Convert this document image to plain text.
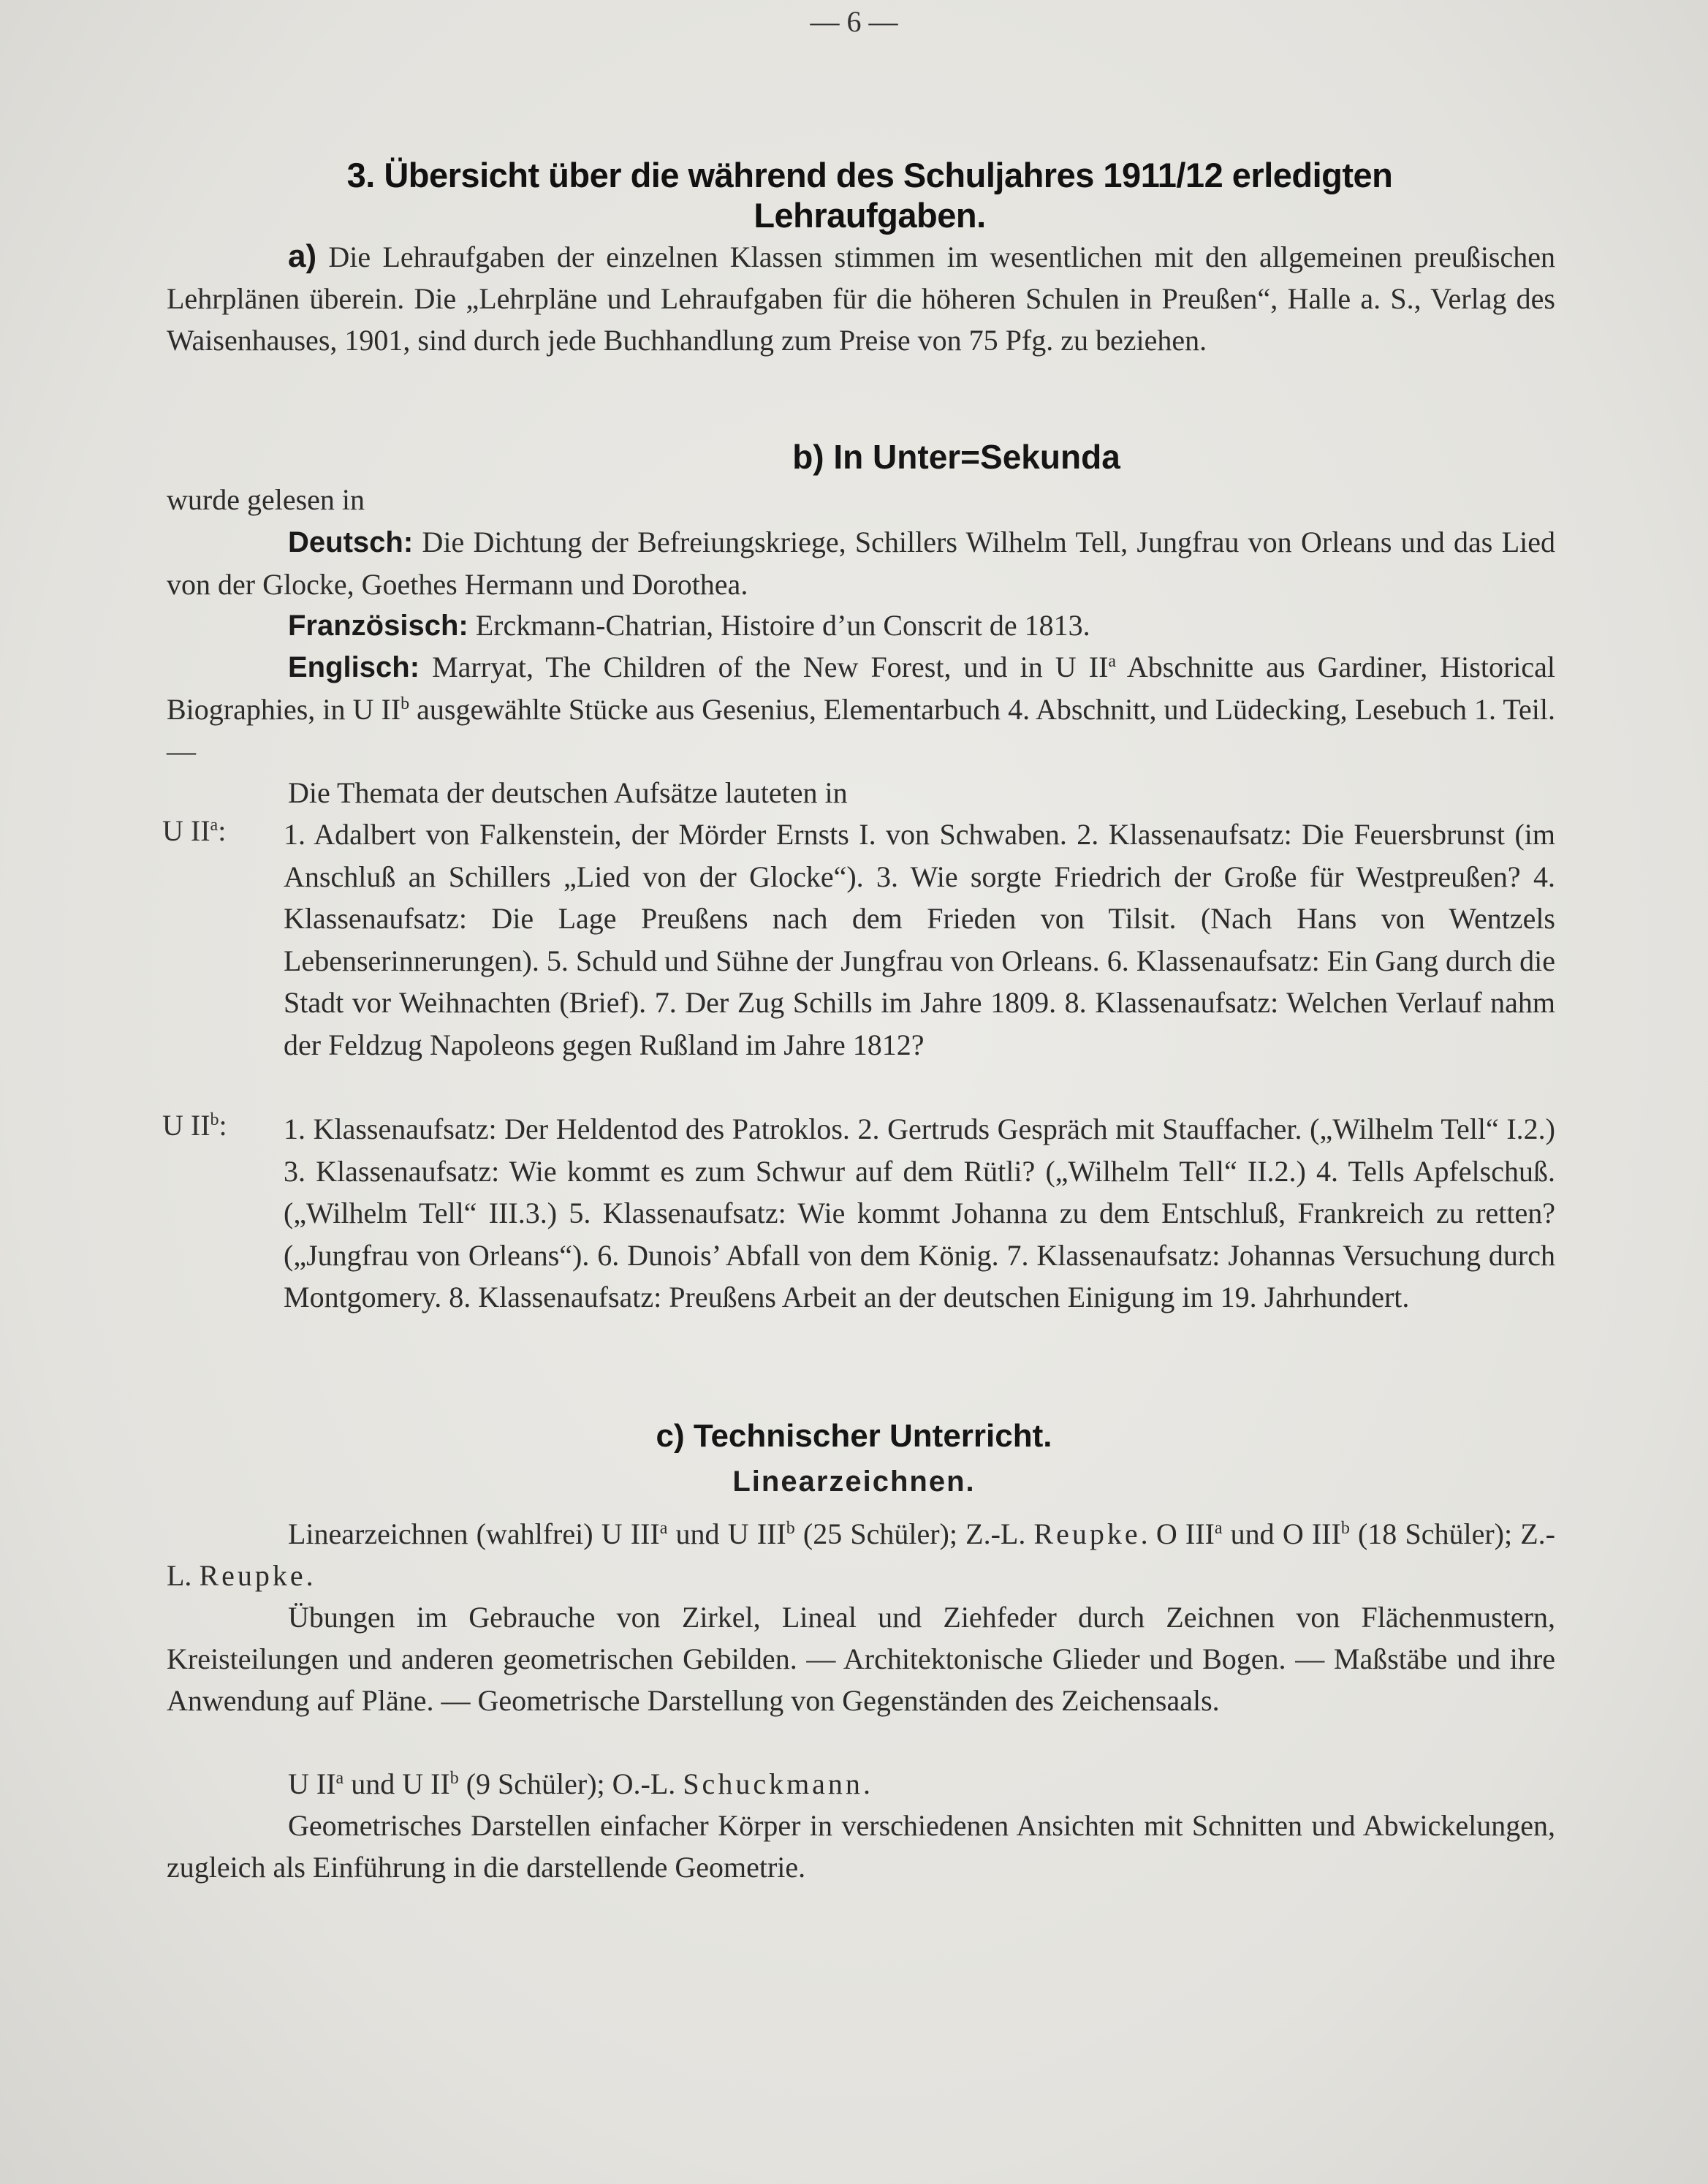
— 6 —
3. Übersicht über die während des Schuljahres 1911/12 erledigten Lehraufgaben.
a) Die Lehraufgaben der einzelnen Klassen stimmen im wesentlichen mit den allgemeinen preußischen Lehrplänen überein. Die „Lehrpläne und Lehraufgaben für die höheren Schulen in Preußen“, Halle a. S., Verlag des Waisenhauses, 1901, sind durch jede Buchhandlung zum Preise von 75 Pfg. zu beziehen.
b) In Unter=Sekunda
wurde gelesen in
Deutsch: Die Dichtung der Befreiungskriege, Schillers Wilhelm Tell, Jungfrau von Orleans und das Lied von der Glocke, Goethes Hermann und Dorothea.
Französisch: Erckmann-Chatrian, Histoire d’un Conscrit de 1813.
Englisch: Marryat, The Children of the New Forest, und in U $II^a$ Abschnitte aus Gardiner, Historical Biographies, in U $II^b$ ausgewählte Stücke aus Gesenius, Elementarbuch 4. Abschnitt, und Lüdecking, Lesebuch 1. Teil. —
Die Themata der deutschen Aufsätze lauteten in
U $II^a$: 1. Adalbert von Falkenstein, der Mörder Ernsts I. von Schwaben. 2. Klassenaufsatz: Die Feuersbrunst (im Anschluß an Schillers „Lied von der Glocke“). 3. Wie sorgte Friedrich der Große für Westpreußen? 4. Klassenaufsatz: Die Lage Preußens nach dem Frieden von Tilsit. (Nach Hans von Wentzels Lebenserinnerungen). 5. Schuld und Sühne der Jungfrau von Orleans. 6. Klassenaufsatz: Ein Gang durch die Stadt vor Weihnachten (Brief). 7. Der Zug Schills im Jahre 1809. 8. Klassenaufsatz: Welchen Verlauf nahm der Feldzug Napoleons gegen Rußland im Jahre 1812?
U $II^b$: 1. Klassenaufsatz: Der Heldentod des Patroklos. 2. Gertruds Gespräch mit Stauffacher. („Wilhelm Tell“ I.2.) 3. Klassenaufsatz: Wie kommt es zum Schwur auf dem Rütli? („Wilhelm Tell“ II.2.) 4. Tells Apfelschuß. („Wilhelm Tell“ III.3.) 5. Klassenaufsatz: Wie kommt Johanna zu dem Entschluß, Frankreich zu retten? („Jungfrau von Orleans“). 6. Dunois’ Abfall von dem König. 7. Klassenaufsatz: Johannas Versuchung durch Montgomery. 8. Klassenaufsatz: Preußens Arbeit an der deutschen Einigung im 19. Jahrhundert.
c) Technischer Unterricht.
Linearzeichnen.
Linearzeichnen (wahlfrei) U III$^a$ und U III$^b$ (25 Schüler); Z.-L. Reupke. O III$^a$ und O III$^b$ (18 Schüler); Z.-L. Reupke.
Übungen im Gebrauche von Zirkel, Lineal und Ziehfeder durch Zeichnen von Flächenmustern, Kreisteilungen und anderen geometrischen Gebilden. — Architektonische Glieder und Bogen. — Maßstäbe und ihre Anwendung auf Pläne. — Geometrische Darstellung von Gegenständen des Zeichensaals.
U $II^a$ und U $II^b$ (9 Schüler); O.-L. Schuckmann.
Geometrisches Darstellen einfacher Körper in verschiedenen Ansichten mit Schnitten und Abwickelungen, zugleich als Einführung in die darstellende Geometrie.
